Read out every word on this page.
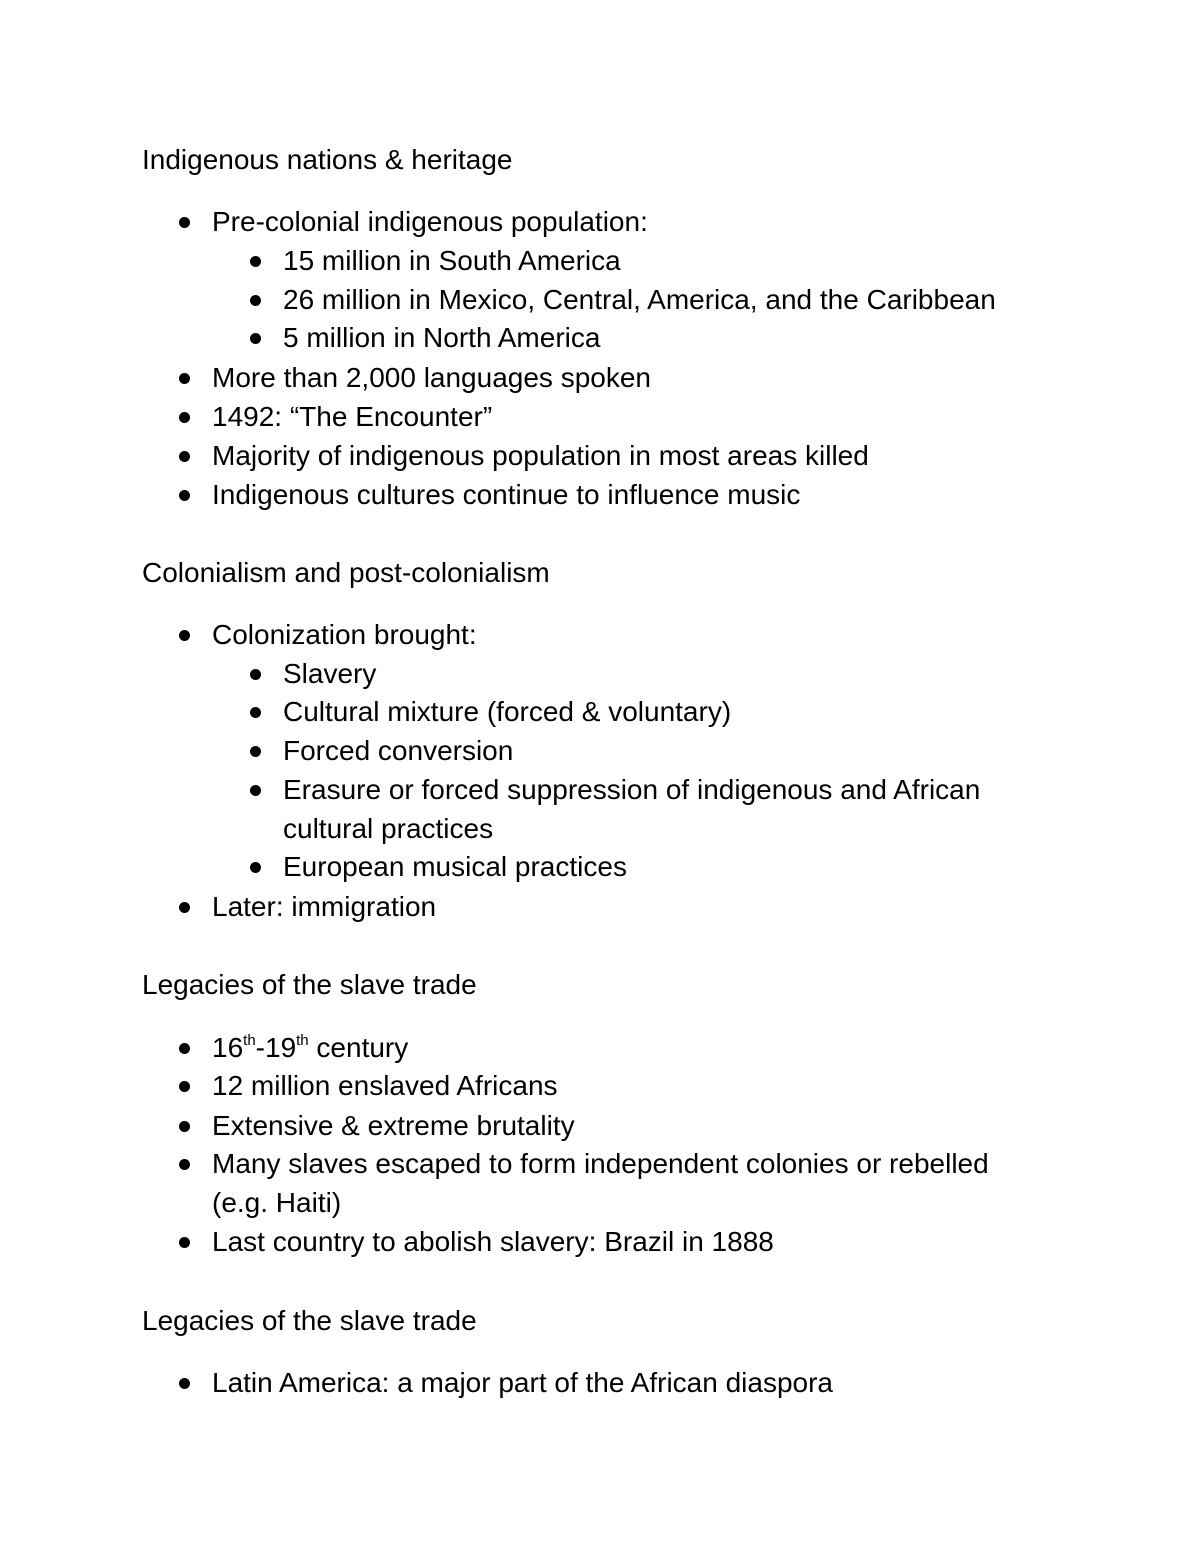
Indigenous nations & heritage
Pre-colonial indigenous population:
15 million in South America
26 million in Mexico, Central, America, and the Caribbean
5 million in North America
More than 2,000 languages spoken
1492: “The Encounter”
Majority of indigenous population in most areas killed
Indigenous cultures continue to influence music
Colonialism and post-colonialism
Colonization brought:
Slavery
Cultural mixture (forced & voluntary)
Forced conversion
Erasure or forced suppression of indigenous and African
cultural practices
European musical practices
Later: immigration
Legacies of the slave trade
16th-19th century
12 million enslaved Africans
Extensive & extreme brutality
Many slaves escaped to form independent colonies or rebelled
(e.g. Haiti)
Last country to abolish slavery: Brazil in 1888
Legacies of the slave trade
Latin America: a major part of the African diaspora
